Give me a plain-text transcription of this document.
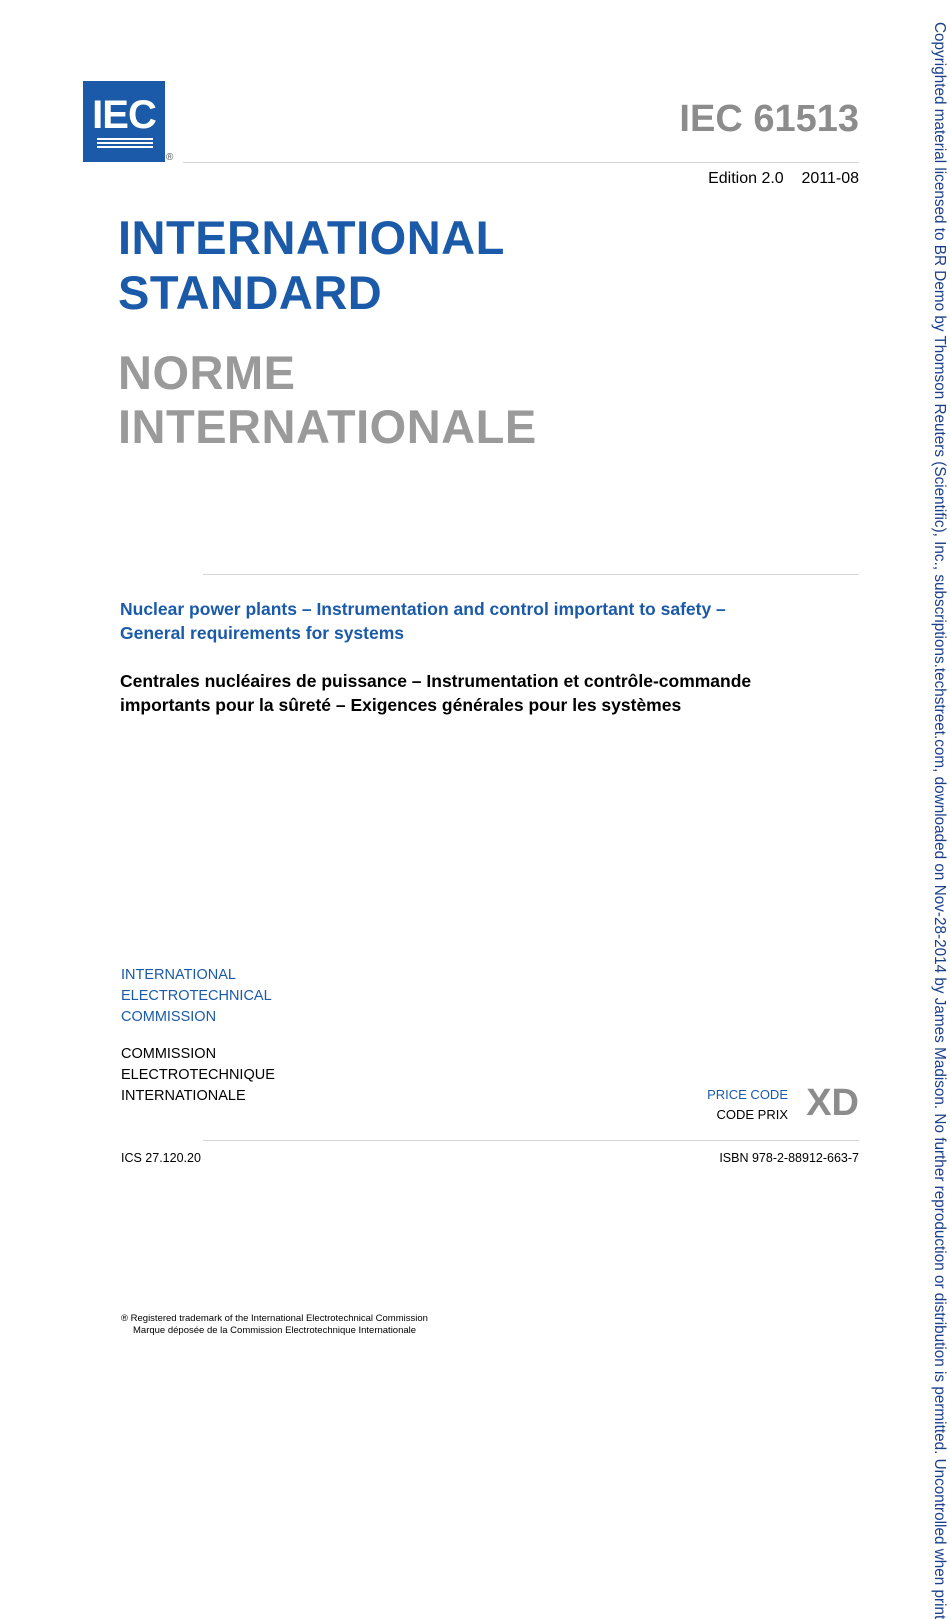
IEC
®
IEC 61513
Edition 2.0    2011-08
INTERNATIONAL
STANDARD
NORME
INTERNATIONALE
Nuclear power plants – Instrumentation and control important to safety –
General requirements for systems
Centrales nucléaires de puissance – Instrumentation et contrôle-commande
importants pour la sûreté – Exigences générales pour les systèmes
INTERNATIONAL
ELECTROTECHNICAL
COMMISSION
COMMISSION
ELECTROTECHNIQUE
INTERNATIONALE	PRICE CODE
CODE PRIX XD
ICS 27.120.20	ISBN 978-2-88912-663-7
® Registered trademark of the International Electrotechnical Commission
Marque déposée de la Commission Electrotechnique Internationale	Copyrighted material licensed to BR Demo by Thomson Reuters (Scientific), Inc., subscriptions.techstreet.com, downloaded on Nov-28-2014 by James Madison. No further reproduction or distribution is permitted. Uncontrolled when print
